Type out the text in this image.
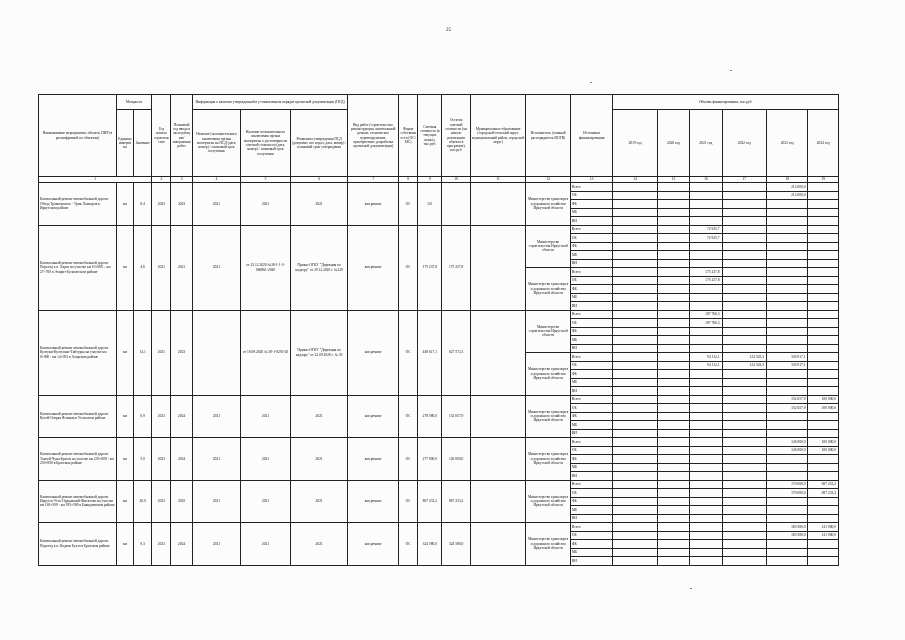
25
Наименование мероприятия, объекта, ПИР (в расшифровкой по объектам)	Мощность		Год начала строительства	Плановый год ввода в эксплуатацию/ завершения работ	Информация о наличии утвержденной в установленном порядке проектной документации (ПСД)			Вид работ (строительство, реконструкция, капитальный ремонт, техническое перевооружение, приобретение, разработка проектной документации)	Форма собственности (ОС/МС)	Сметная стоимость (в текущих ценах), тыс.руб.	Остаток сметной стоимости (на начало реализации объекта в программе), тыс.руб.	Муниципальное образование (городской/сельский округ, муниципальный район, городской округ)	Исполнитель (главный распорядитель ИОГВ)	Источники финансирования	Объемы финансирования, тыс.руб.					
	Единица измерения	Значение			Наличие (положительного заключения органа экспертизы на ПСД (дата, номер) / плановый срок получения	Наличие положительного заключения органа экспертизы о достоверности сметной стоимости (дата, номер) / плановый срок получения	Реквизиты утверждения ПСД (документ, кто издал, дата, номер) / плановый срок утверждения								2019 год	2020 год	2021 год	2022 год	2023 год	2024 год
1			2	3	4	5	6	7	8	9	10	11	12	13	14	15	16	17	18	19
Капитальный ремонт автомобильной дороги Обход Травоенского - Урик Ханхаров в Иркутском районе	км	8,4	2023	2023	2021	2021	2021	кап.ремонт	ОС	0,0			Министерство транспорта и дорожного хозяйства Иркутской области	Всего					214 000,0	
														ОБ					214 000,0	
														ФБ						
														МБ						
														ВИ						
Капитальный ремонт автомобильной дороги Подъезд к п. Харат на участке км 10+000 – км 27+700 в Эхирит-Булагатском районе	км	4,6	2021	2021	2021	от 23.12.2020 №38-1-1-3-066861-2020	Приказ ОГКУ "Дирекция по надзору" от 29.12.2020 г. №129	кап.ремонт	ОС	175 237,8	175 237,8		Министерство строительства Иркутской области	Всего			72 925,7			
														ОБ			72 925,7			
														ФБ						
														МБ						
														ВИ						
													Министерство транспорта и дорожного хозяйства Иркутской области	Всего			175 237,8			
														ОБ			175 237,8			
														ФБ						
														МБ						
														ВИ						
Капитальный ремонт автомобильной дороги Култукм-Култушно-Тайтурка на участке км 0+000 - км 14+053 в Аларском районе	км	14,1	2021	2023		от 16.09.2020 № 38-1-0250-20	Приказ ОГКУ "Дирекция по надзору" от 22.09.2020 г. № 30	кап.ремонт	ОС	448 617,1	627 572,3		Министерство строительства Иркутской области	Всего			187 766,3			
														ОБ			187 766,3			
														ФБ						
														МБ						
														ВИ						
													Министерство транспорта и дорожного хозяйства Иркутской области	Всего			94 112,1	212 543,3	330 917,1	
														ОБ			94 112,1	212 543,3	330 917,1	
														ФБ						
														МБ						
														ВИ						
Капитальный ремонт автомобильной дороги Кутой-Озерка Ясачная в Усольском районе	км	6,9	2023	2024	2021	2021	2021	кап.ремонт	ОС	278 580,0	152 657,9		Министерство транспорта и дорожного хозяйства Иркутской области	Всего					152 657,9	100 000,0
														ОБ					152 657,9	100 000,0
														ФБ						
														МБ						
														ВИ						
Капитальный ремонт автомобильной дороги Тангуй-Чуна-Братск на участке км 235+000 - км 250+000 в Братском районе	км	5,0	2023	2024	2021	2021	2021	кап.ремонт	ОС	277 000,0	126 000,0		Министерство транспорта и дорожного хозяйства Иркутской области	Всего					126 000,0	100 000,0
														ОБ					126 000,0	100 000,0
														ФБ						
														МБ						
														ВИ						
Капитальный ремонт автомобильной дороги Иркутск-Усть-Ордынский-Жигалово на участке км 165+500 - км 185+500 в Баяндаевском районе	км	20,0	2023	2025	2021	2021	2021	кап.ремонт	ОС	867 233,2	867 233,2		Министерство транспорта и дорожного хозяйства Иркутской области	Всего					170 000,0	697 233,2
														ОБ					170 000,0	697 233,2
														ФБ						
														МБ						
														ВИ						
Капитальный ремонт автомобильной дороги Подъезд к п. Кодачи Бухта в Братском районе	км	9,3	2023	2024	2021	2021	2021	кап.ремонт	ОС	324 580,0	324 580,0		Министерство транспорта и дорожного хозяйства Иркутской области	Всего					183 580,0	141 000,0
														ОБ					183 580,0	141 000,0
														ФБ						
														МБ						
														ВИ						
